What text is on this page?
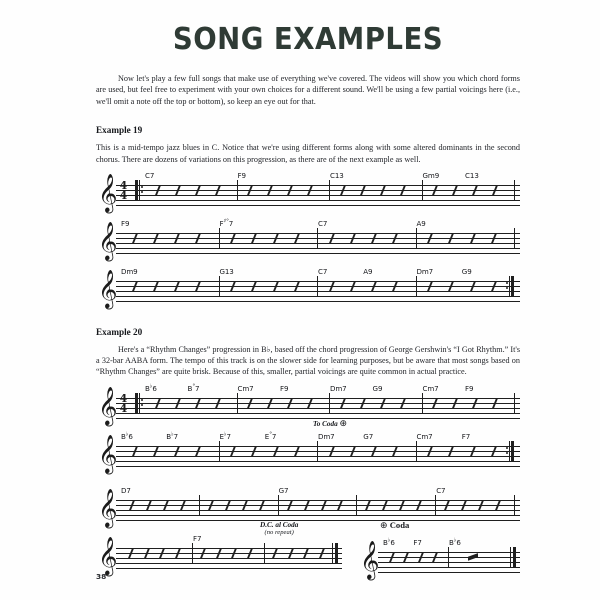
SONG EXAMPLES

Now let's play a few full songs that make use of everything we've covered. The videos will show you which chord forms are used, but feel free to experiment with your own choices for a different sound. We'll be using a few partial voicings here (i.e., we'll omit a note off the top or bottom), so keep an eye out for that.

Example 19

This is a mid-tempo jazz blues in C. Notice that we're using different forms along with some altered dominants in the second chorus. There are dozens of variations on this progression, as there are of the next example as well.

C7	F9	C13	Gm9	C13
𝄞 4
4
F9	F♯°7	C7	A9
𝄞
Dm9	G13	C7	A9	Dm7	G9
𝄞
Example 20

Here's a “Rhythm Changes” progression in B♭, based off the chord progression of George Gershwin's “I Got Rhythm.” It's a 32-bar AABA form. The tempo of this track is on the slower side for learning purposes, but be aware that most songs based on “Rhythm Changes” are quite brisk. Because of this, smaller, partial voicings are quite common in actual practice.

B♭6	B°7	Cm7	F9	Dm7	G9	Cm7	F9
𝄞 4
4
B♭6	B♭7	E♭7	E°7	Dm7	G7	Cm7	F7
To Coda ⊕
𝄞
D7	G7	C7
𝄞
F7
D.C. al Coda
(no repeat)
𝄞
⊕ Coda
B♭6	F7	B♭6
𝄞
38
